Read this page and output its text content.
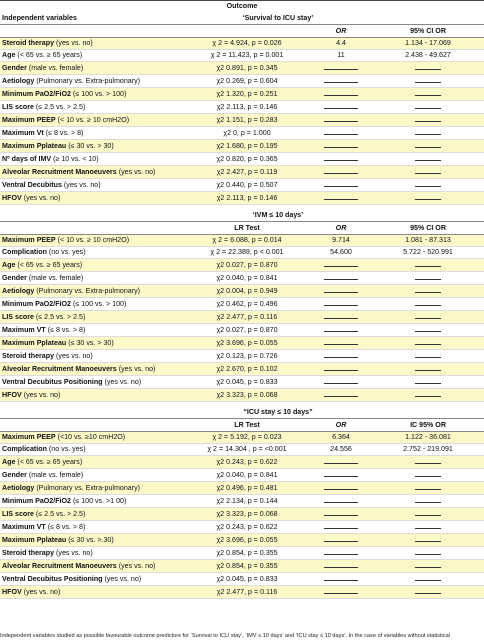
Outcome			
Independent variables	‘Survival to ICU stay’		
		OR	95% CI OR
Steroid therapy (yes vs. no)	χ 2 = 4.924, p = 0.026	4.4	1.134 - 17.069
Age (< 65 vs. ≥ 65 years)	χ 2 = 11.423, p = 0.001	11	2.438 - 49.627
Gender (male vs. female)	χ2 0.891, p = 0.345		
Aetiology (Pulmonary vs. Extra-pulmonary)	χ2 0.269, p = 0.604		
Minimum PaO2/FiO2 (≤ 100 vs. > 100)	χ2 1.320, p = 0.251		
LIS score (≤ 2.5 vs. > 2.5)	χ2 2.113, p = 0.146		
Maximum PEEP (< 10 vs. ≥ 10 cmH2O)	χ2 1.151, p = 0.283		
Maximum Vt (≤ 8 vs. > 8)	χ2 0, p = 1.000		
Maximum Pplateau (≤ 30 vs. > 30)	χ2 1.680, p = 0.195		
Nº days of IMV (≥ 10 vs. < 10)	χ2 0.820, p = 0.365		
Alveolar Recruitment Manoeuvers (yes vs. no)	χ2 2.427, p = 0.119		
Ventral Decubitus (yes vs. no)	χ2 0.440, p = 0.507		
HFOV (yes vs. no)	χ2 2.113, p = 0.146		

	‘IVM ≤ 10 days’		
	LR Test	OR	95% CI OR
Maximum PEEP (< 10 vs. ≥ 10 cmH2O)	χ 2 = 6.088, p = 0.014	9.714	1.081 - 87.313
Complication (no vs. yes)	χ 2 = 22.389, p < 0.001	54.600	5.722 - 520.991
Age (< 65 vs. ≥ 65 years)	χ2 0.027, p = 0.870		
Gender (male vs. female)	χ2 0.040, p = 0.841		
Aetiology (Pulmonary vs. Extra-pulmonary)	χ2 0.004, p = 0.949		
Minimum PaO2/FiO2 (≤ 100 vs. > 100)	χ2 0.462, p = 0.496		
LIS score (≤ 2.5 vs. > 2.5)	χ2 2.477, p = 0.116		
Maximum VT (≤ 8 vs. > 8)	χ2 0.027, p = 0.870		
Maximum Pplateau (≤ 30 vs. > 30)	χ2 3.696, p = 0.055		
Steroid therapy (yes vs. no)	χ2 0.123, p = 0.726		
Alveolar Recruitment Manoeuvers (yes vs. no)	χ2 2.670, p = 0.102		
Ventral Decubitus Positioning (yes vs. no)	χ2 0.045, p = 0.833		
HFOV (yes vs. no)	χ2 3.323, p = 0.068		

	“ICU stay ≤ 10 days”		
	LR Test	OR	IC 95% OR
Maximum PEEP (<10 vs. ≥10 cmH2O)	χ 2 = 5.192, p = 0.023	6.364	1.122 - 36.081
Complication (no vs. yes)	χ 2 = 14.304 , p = <0.001	24.556	2.752 - 219.091
Age (< 65 vs. ≥ 65 years)	χ2 0.243, p = 0.622		
Gender (male vs. female)	χ2 0.040, p = 0.841		
Aetiology (Pulmonary vs. Extra-pulmonary)	χ2 0.496, p = 0.481		
Minimum PaO2/FiO2 (≤ 100 vs. >1 00)	χ2 2.134, p = 0.144		
LIS score (≤ 2.5 vs. > 2.5)	χ2 3.323, p = 0.068		
Maximum VT (≤ 8 vs. > 8)	χ2 0.243, p = 0.622		
Maximum Pplateau (≤ 30 vs. >.30)	χ2 3.696, p = 0.055		
Steroid therapy (yes vs. no)	χ2 0.854, p = 0.355		
Alveolar Recruitment Manoeuvers (yes vs. no)	χ2 0.854, p = 0.355		
Ventral Decubitus Positioning (yes vs. no)	χ2 0.045, p = 0.833		
HFOV (yes vs. no)	χ2 2.477, p = 0.116		
Independent variables studied as possible favourable outcome predictors for ‘Survival to ICU stay’, ‘IMV ≤ 10 days’ and ‘ICU stay ≤ 10 days’. In the case of variables without statistical
